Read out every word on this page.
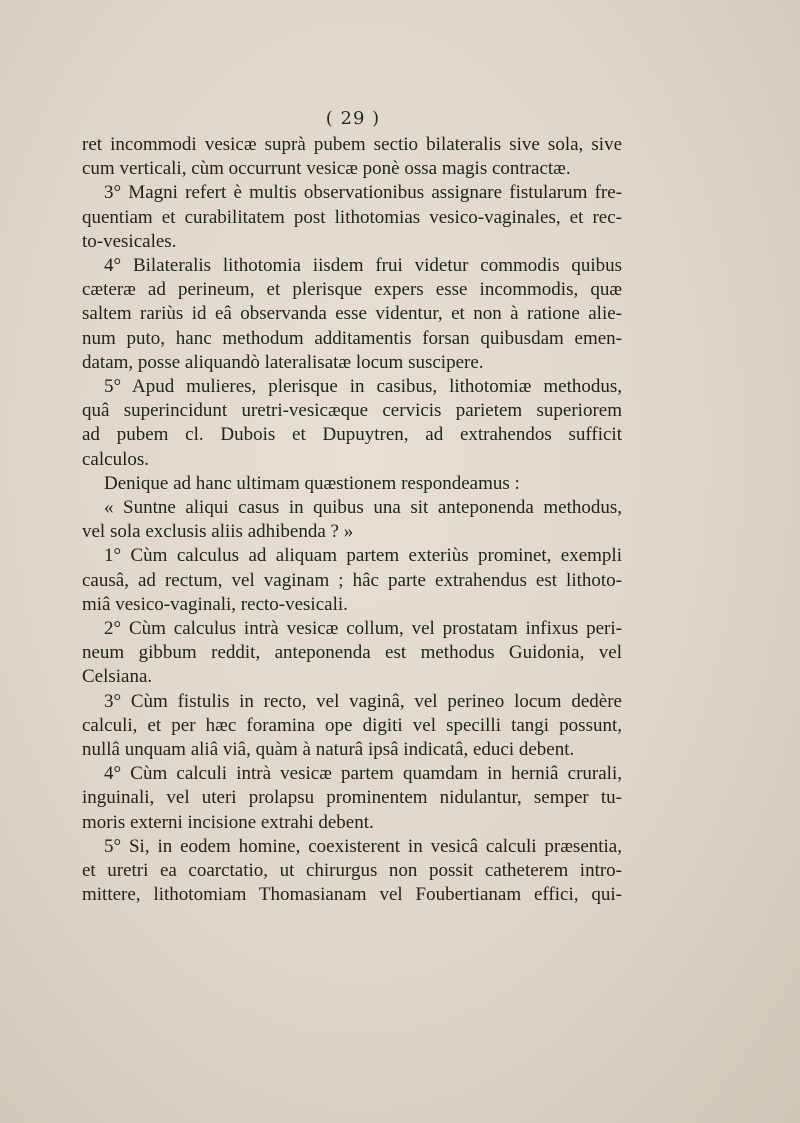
( 29 )

ret incommodi vesicæ suprà pubem sectio bilateralis sive sola, sive

cum verticali, cùm occurrunt vesicæ ponè ossa magis contractæ.

3° Magni refert è multis observationibus assignare fistularum fre-

quentiam et curabilitatem post lithotomias vesico-vaginales, et rec-

to-vesicales.

4° Bilateralis lithotomia iisdem frui videtur commodis quibus

cæteræ ad perineum, et plerisque expers esse incommodis, quæ

saltem rariùs id eâ observanda esse videntur, et non à ratione alie-

num puto, hanc methodum additamentis forsan quibusdam emen-

datam, posse aliquandò lateralisatæ locum suscipere.

5° Apud mulieres, plerisque in casibus, lithotomiæ methodus,

quâ superincidunt uretri-vesicæque cervicis parietem superiorem

ad pubem cl. Dubois et Dupuytren, ad extrahendos sufficit

calculos.

Denique ad hanc ultimam quæstionem respondeamus :

« Suntne aliqui casus in quibus una sit anteponenda methodus,

vel sola exclusis aliis adhibenda ? »

1° Cùm calculus ad aliquam partem exteriùs prominet, exempli

causâ, ad rectum, vel vaginam ; hâc parte extrahendus est lithoto-

miâ vesico-vaginali, recto-vesicali.

2° Cùm calculus intrà vesicæ collum, vel prostatam infixus peri-

neum gibbum reddit, anteponenda est methodus Guidonia, vel

Celsiana.

3° Cùm fistulis in recto, vel vaginâ, vel perineo locum dedère

calculi, et per hæc foramina ope digiti vel specilli tangi possunt,

nullâ unquam aliâ viâ, quàm à naturâ ipsâ indicatâ, educi debent.

4° Cùm calculi intrà vesicæ partem quamdam in herniâ crurali,

inguinali, vel uteri prolapsu prominentem nidulantur, semper tu-

moris externi incisione extrahi debent.

5° Si, in eodem homine, coexisterent in vesicâ calculi præsentia,

et uretri ea coarctatio, ut chirurgus non possit catheterem intro-

mittere, lithotomiam Thomasianam vel Foubertianam effici, qui-
